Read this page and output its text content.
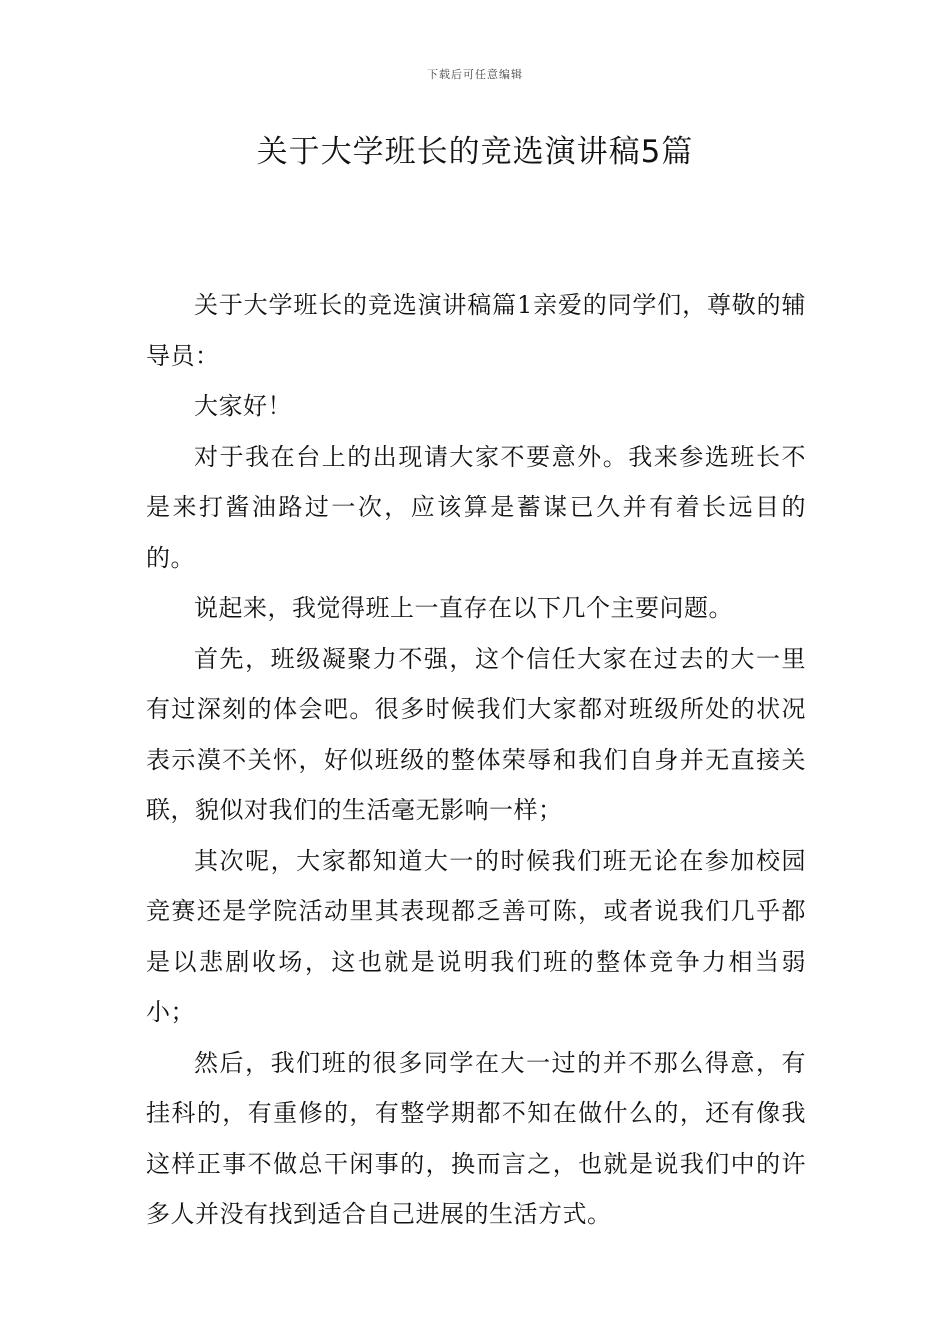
下载后可任意编辑
关于大学班长的竞选演讲稿5篇

关于大学班长的竞选演讲稿篇1亲爱的同学们，尊敬的辅导员：

大家好！

对于我在台上的出现请大家不要意外。我来参选班长不是来打酱油路过一次，应该算是蓄谋已久并有着长远目的的。

说起来，我觉得班上一直存在以下几个主要问题。

首先，班级凝聚力不强，这个信任大家在过去的大一里有过深刻的体会吧。很多时候我们大家都对班级所处的状况表示漠不关怀，好似班级的整体荣辱和我们自身并无直接关联，貌似对我们的生活毫无影响一样；

其次呢，大家都知道大一的时候我们班无论在参加校园竞赛还是学院活动里其表现都乏善可陈，或者说我们几乎都是以悲剧收场，这也就是说明我们班的整体竞争力相当弱小；

然后，我们班的很多同学在大一过的并不那么得意，有挂科的，有重修的，有整学期都不知在做什么的，还有像我这样正事不做总干闲事的，换而言之，也就是说我们中的许多人并没有找到适合自己进展的生活方式。
